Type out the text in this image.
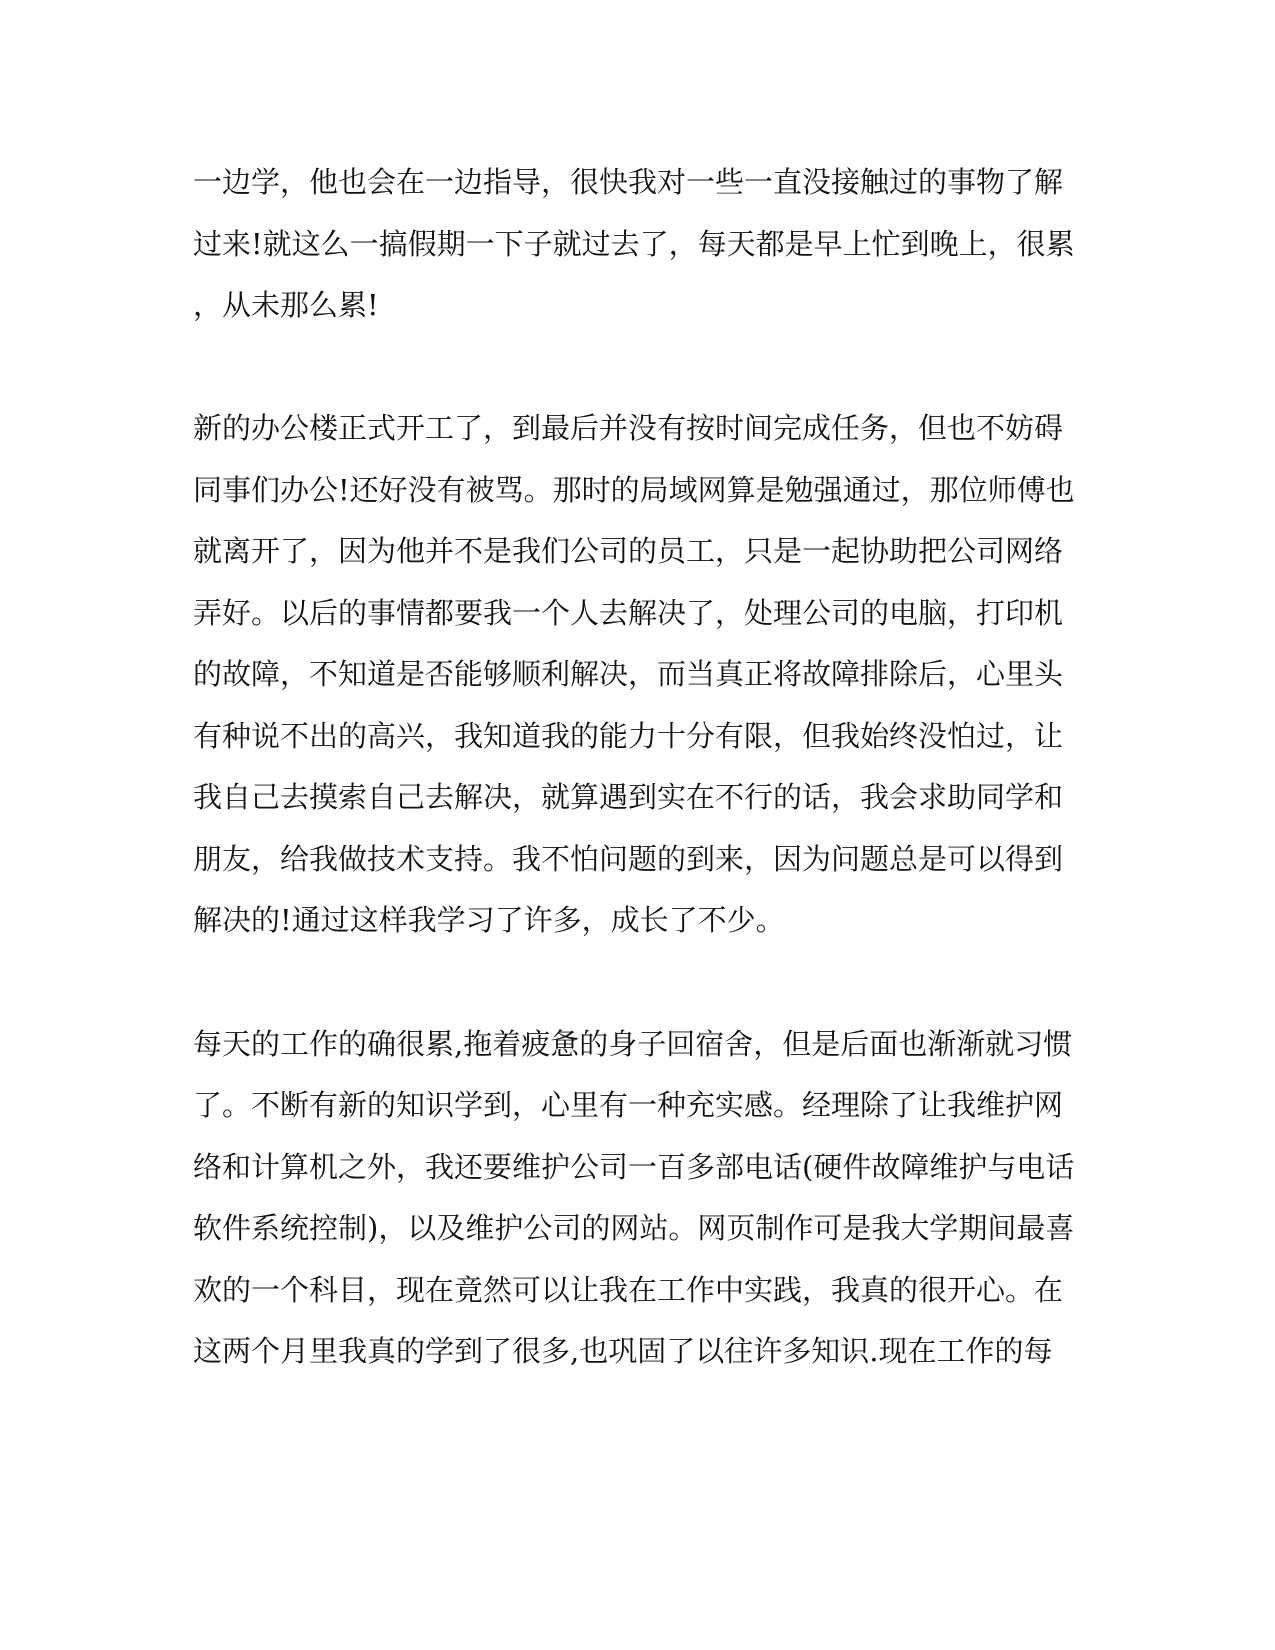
一边学，他也会在一边指导，很快我对一些一直没接触过的事物了解

过来!就这么一搞假期一下子就过去了，每天都是早上忙到晚上，很累

，从未那么累!

新的办公楼正式开工了，到最后并没有按时间完成任务，但也不妨碍

同事们办公!还好没有被骂。那时的局域网算是勉强通过，那位师傅也

就离开了，因为他并不是我们公司的员工，只是一起协助把公司网络

弄好。以后的事情都要我一个人去解决了，处理公司的电脑，打印机

的故障，不知道是否能够顺利解决，而当真正将故障排除后，心里头

有种说不出的高兴，我知道我的能力十分有限，但我始终没怕过，让

我自己去摸索自己去解决，就算遇到实在不行的话，我会求助同学和

朋友，给我做技术支持。我不怕问题的到来，因为问题总是可以得到

解决的!通过这样我学习了许多，成长了不少。

每天的工作的确很累,拖着疲惫的身子回宿舍，但是后面也渐渐就习惯

了。不断有新的知识学到，心里有一种充实感。经理除了让我维护网

络和计算机之外，我还要维护公司一百多部电话(硬件故障维护与电话

软件系统控制)，以及维护公司的网站。网页制作可是我大学期间最喜

欢的一个科目，现在竟然可以让我在工作中实践，我真的很开心。在

这两个月里我真的学到了很多,也巩固了以往许多知识.现在工作的每
